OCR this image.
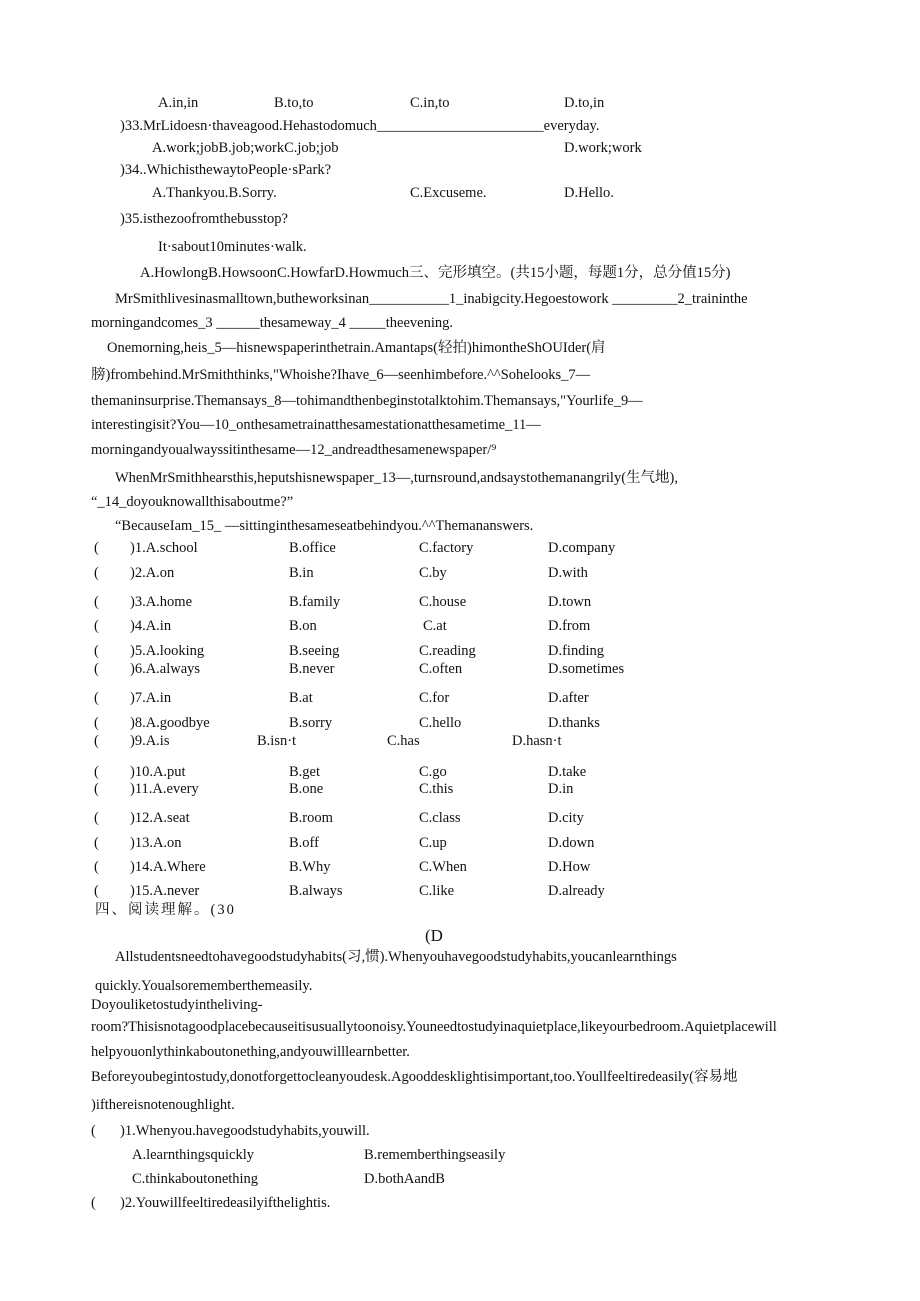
A.in,in	B.to,to	C.in,to	D.to,in
)33.MrLidoesn·thaveagood.Hehastodomuch_______________________everyday.
A.work;jobB.job;workC.job;job	D.work;work
)34..WhichisthewaytoPeople·sPark?
A.Thankyou.B.Sorry.	C.Excuseme.	D.Hello.
)35.isthezoofromthebusstop?
It·sabout10minutes·walk.
A.HowlongB.HowsoonC.HowfarD.Howmuch三、完形填空。(共15小题，每题1分，总分值15分)
MrSmithlivesinasmalltown,butheworksinan___________1_inabigcity.Hegoestowork _________2_traininthe
morningandcomes_3 ______thesameway_4 _____theevening.
Onemorning,heis_5—hisnewspaperinthetrain.Amantaps(轻拍)himontheShOUIder(肩
膀)frombehind.MrSmiththinks,"Whoishe?Ihave_6—seenhimbefore.^^Sohelooks_7—
themaninsurprise.Themansays_8—tohimandthenbeginstotalktohim.Themansays,"Yourlife_9—
interestingisit?You—10_onthesametrainatthesamestationatthesametime_11—
morningandyoualwayssitinthesame—12_andreadthesamenewspaper/⁹
WhenMrSmithhearsthis,heputshisnewspaper_13—,turnsround,andsaystothemanangrily(生气地),
“_14_doyouknowallthisaboutme?”
“BecauseIam_15_ —sittinginthesameseatbehindyou.^^Themananswers.
( )1.A.school	B.office	C.factory	D.company
( )2.A.on	B.in	C.by	D.with
( )3.A.home	B.family	C.house	D.town
( )4.A.in	B.on	C.at	D.from
( )5.A.looking	B.seeing	C.reading	D.finding
( )6.A.always	B.never	C.often	D.sometimes
( )7.A.in	B.at	C.for	D.after
( )8.A.goodbye	B.sorry	C.hello	D.thanks
( )9.A.is	B.isn·t	C.has	D.hasn·t
( )10.A.put	B.get	C.go	D.take
( )11.A.every	B.one	C.this	D.in
( )12.A.seat	B.room	C.class	D.city
( )13.A.on	B.off	C.up	D.down
( )14.A.Where	B.Why	C.When	D.How
( )15.A.never	B.always	C.like	D.already
四、阅读理解。(30
(D
Allstudentsneedtohavegoodstudyhabits(习,惯).Whenyouhavegoodstudyhabits,youcanlearnthings
quickly.Youalsorememberthemeasily.
Doyouliketostudyintheliving-
room?Thisisnotagoodplacebecauseitisusuallytoonoisy.Youneedtostudyinaquietplace,likeyourbedroom.Aquietplacewill
helpyouonlythinkaboutonething,andyouwilllearnbetter.
Beforeyoubegintostudy,donotforgettocleanyoudesk.Agooddesklightisimportant,too.Youllfeeltiredeasily(容易地
)ifthereisnotenoughlight.
( )1.Whenyou.havegoodstudyhabits,youwill.
A.learnthingsquickly	B.rememberthingseasily
C.thinkaboutonething	D.bothAandB
( )2.Youwillfeeltiredeasilyifthelightis.
